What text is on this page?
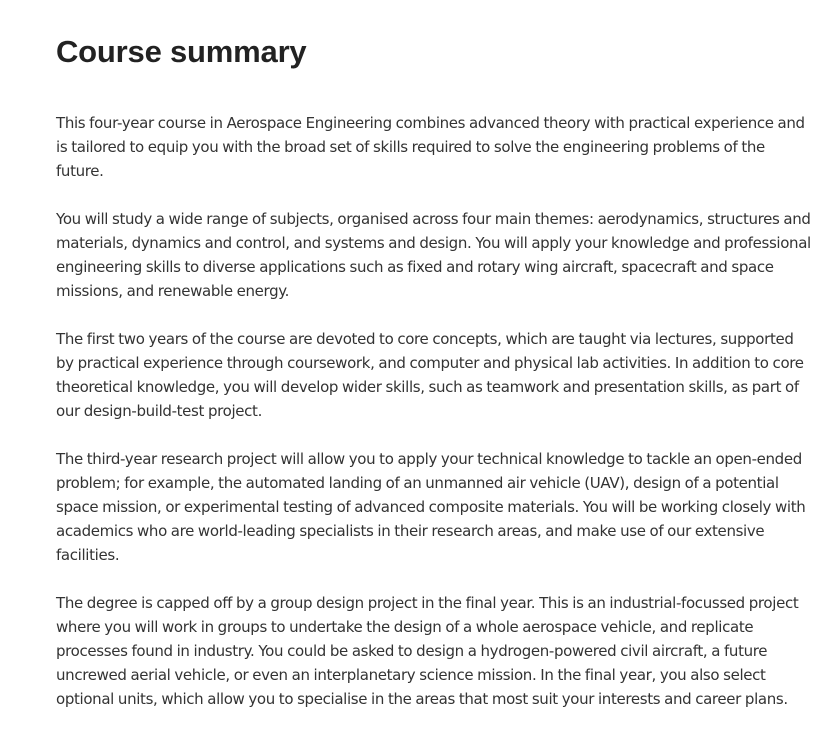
Course summary

This four-year course in Aerospace Engineering combines advanced theory with practical experience and is tailored to equip you with the broad set of skills required to solve the engineering problems of the future.

You will study a wide range of subjects, organised across four main themes: aerodynamics, structures and materials, dynamics and control, and systems and design. You will apply your knowledge and professional engineering skills to diverse applications such as fixed and rotary wing aircraft, spacecraft and space missions, and renewable energy.

The first two years of the course are devoted to core concepts, which are taught via lectures, supported by practical experience through coursework, and computer and physical lab activities. In addition to core theoretical knowledge, you will develop wider skills, such as teamwork and presentation skills, as part of our design-build-test project.

The third-year research project will allow you to apply your technical knowledge to tackle an open-ended problem; for example, the automated landing of an unmanned air vehicle (UAV), design of a potential space mission, or experimental testing of advanced composite materials. You will be working closely with academics who are world-leading specialists in their research areas, and make use of our extensive facilities.

The degree is capped off by a group design project in the final year. This is an industrial-focussed project where you will work in groups to undertake the design of a whole aerospace vehicle, and replicate processes found in industry. You could be asked to design a hydrogen-powered civil aircraft, a future uncrewed aerial vehicle, or even an interplanetary science mission. In the final year, you also select optional units, which allow you to specialise in the areas that most suit your interests and career plans.
